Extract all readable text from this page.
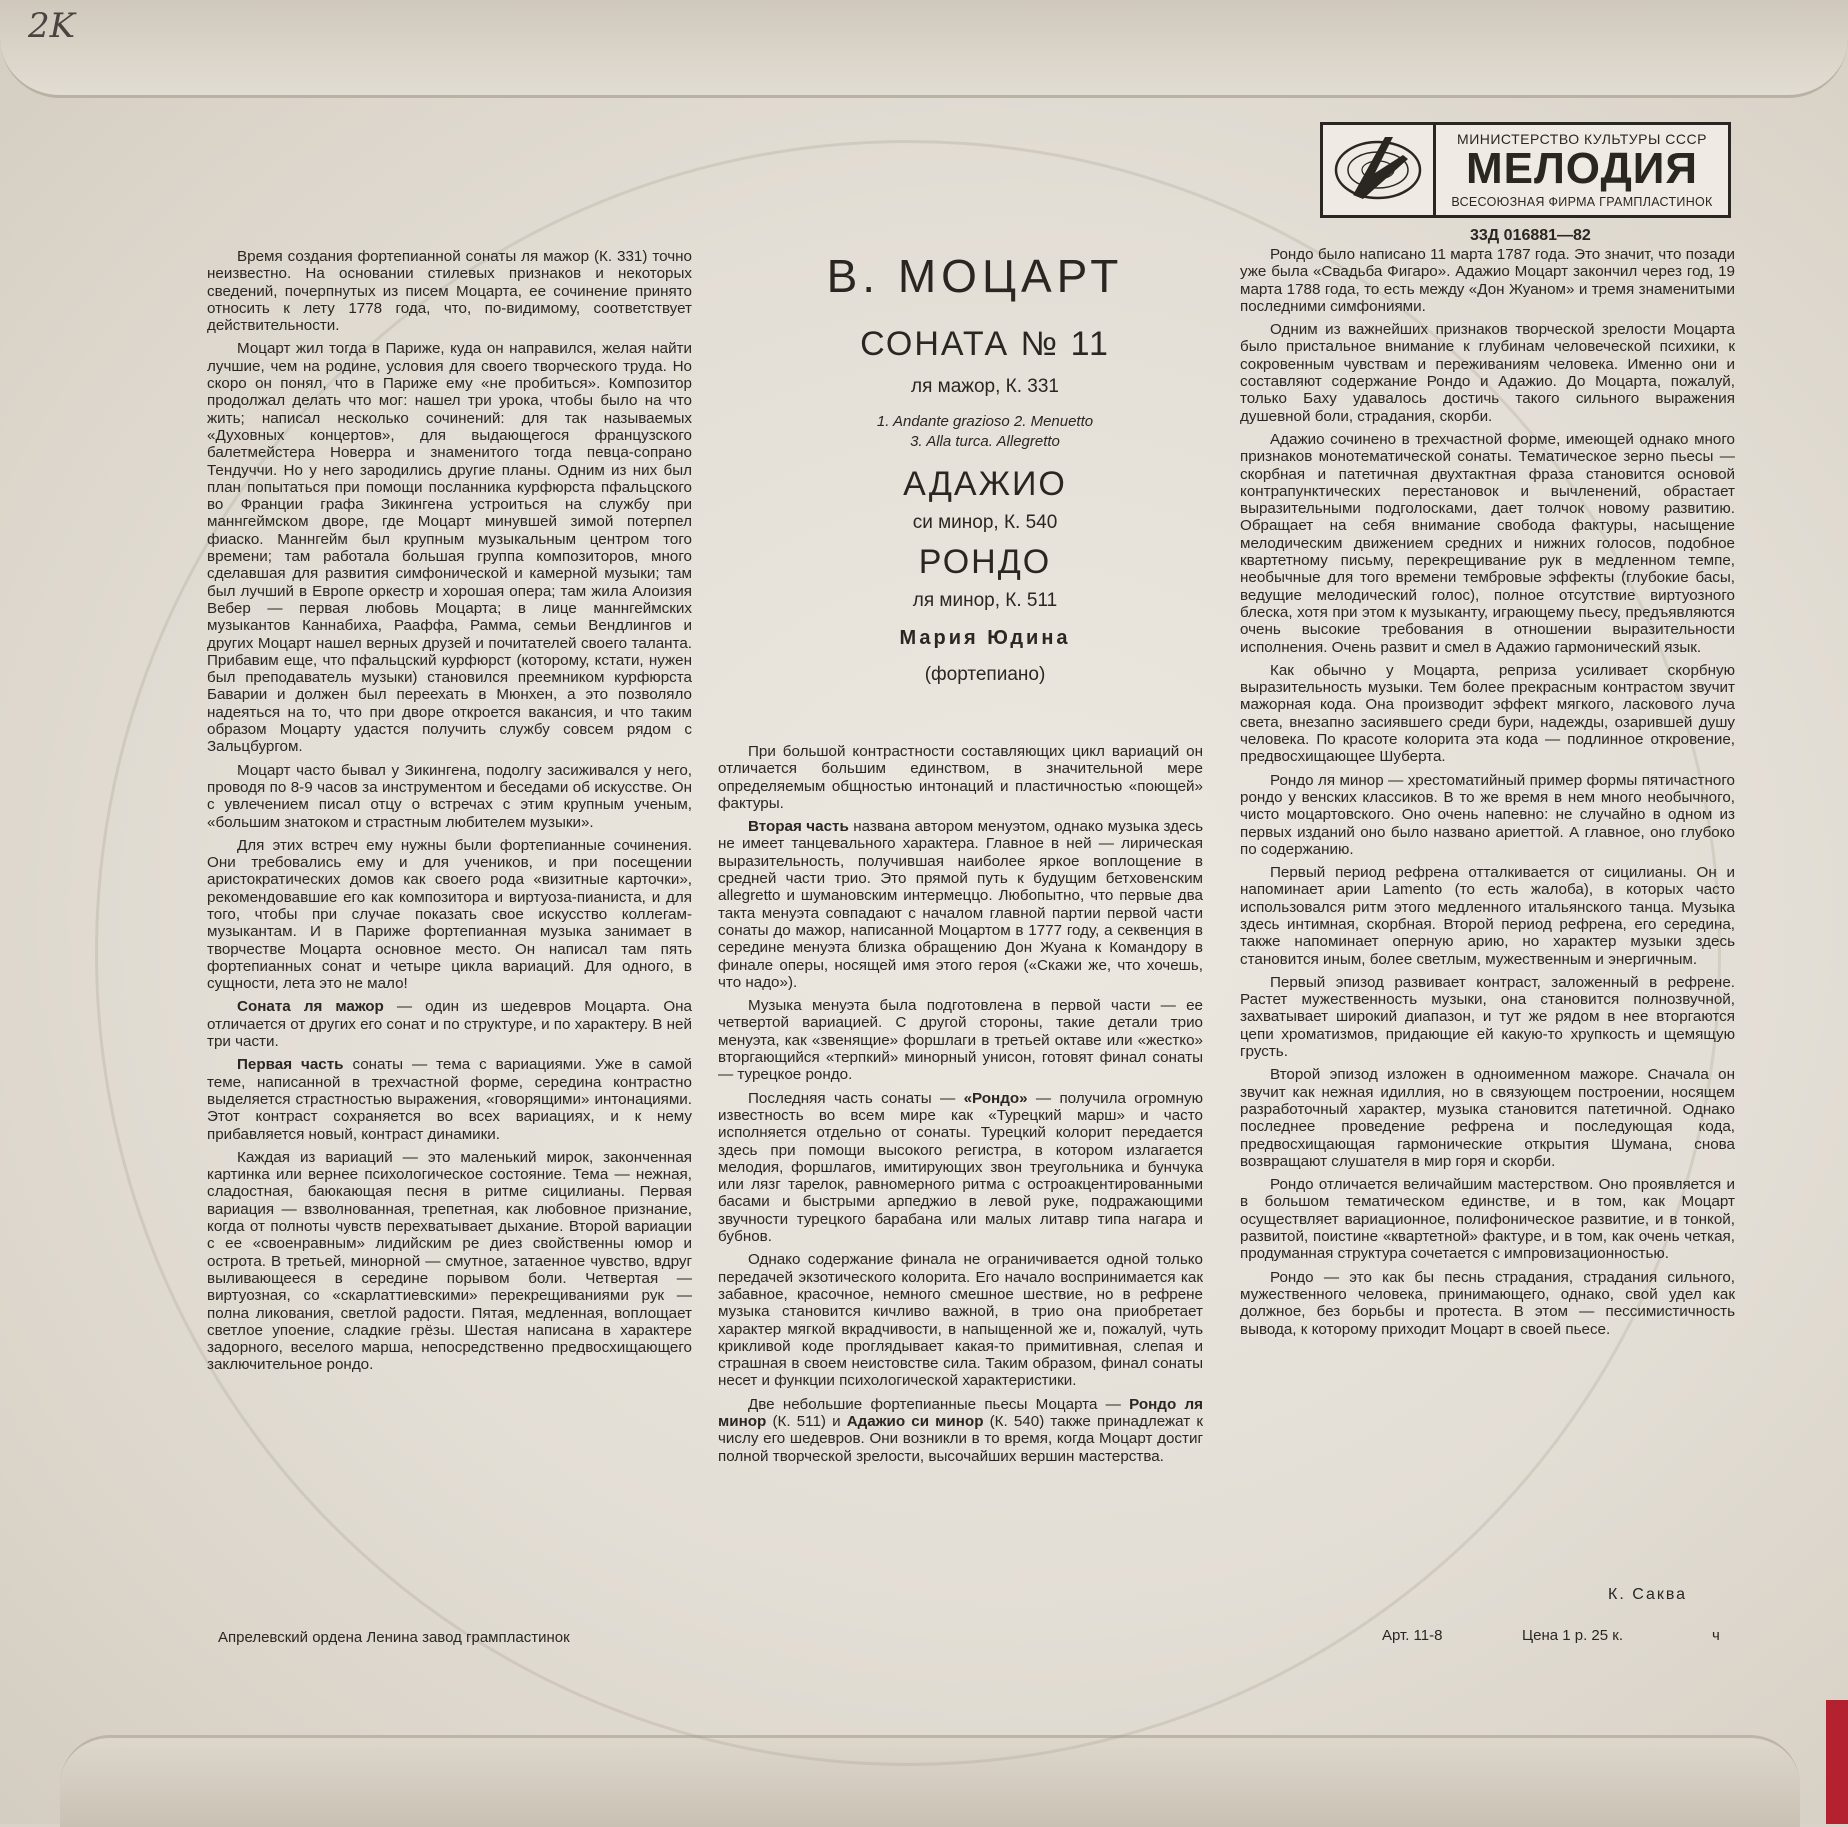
2K
МИНИСТЕРСТВО КУЛЬТУРЫ СССР
МЕЛОДИЯ
ВСЕСОЮЗНАЯ ФИРМА ГРАМПЛАСТИНОК
33Д 016881—82

Время создания фортепианной сонаты ля мажор (К. 331) точно неизвестно. На основании стилевых признаков и некоторых сведений, почерпнутых из писем Моцарта, ее сочинение принято относить к лету 1778 года, что, по-видимому, соответствует действительности.

Моцарт жил тогда в Париже, куда он направился, желая найти лучшие, чем на родине, условия для своего творческого труда. Но скоро он понял, что в Париже ему «не пробиться». Композитор продолжал делать что мог: нашел три урока, чтобы было на что жить; написал несколько сочинений: для так называемых «Духовных концертов», для выдающегося французского балетмейстера Новерра и знаменитого тогда певца-сопрано Тендуччи. Но у него зародились другие планы. Одним из них был план попытаться при помощи посланника курфюрста пфальцского во Франции графа Зикингена устроиться на службу при маннгеймском дворе, где Моцарт минувшей зимой потерпел фиаско. Маннгейм был крупным музыкальным центром того времени; там работала большая группа композиторов, много сделавшая для развития симфонической и камерной музыки; там был лучший в Европе оркестр и хорошая опера; там жила Алоизия Вебер — первая любовь Моцарта; в лице маннгеймских музыкантов Каннабиха, Рааффа, Рамма, семьи Вендлингов и других Моцарт нашел верных друзей и почитателей своего таланта. Прибавим еще, что пфальцский курфюрст (которому, кстати, нужен был преподаватель музыки) становился преемником курфюрста Баварии и должен был переехать в Мюнхен, а это позволяло надеяться на то, что при дворе откроется вакансия, и что таким образом Моцарту удастся получить службу совсем рядом с Зальцбургом.

Моцарт часто бывал у Зикингена, подолгу засиживался у него, проводя по 8-9 часов за инструментом и беседами об искусстве. Он с увлечением писал отцу о встречах с этим крупным ученым, «большим знатоком и страстным любителем музыки».

Для этих встреч ему нужны были фортепианные сочинения. Они требовались ему и для учеников, и при посещении аристократических домов как своего рода «визитные карточки», рекомендовавшие его как композитора и виртуоза-пианиста, и для того, чтобы при случае показать свое искусство коллегам-музыкантам. И в Париже фортепианная музыка занимает в творчестве Моцарта основное место. Он написал там пять фортепианных сонат и четыре цикла вариаций. Для одного, в сущности, лета это не мало!

Соната ля мажор — один из шедевров Моцарта. Она отличается от других его сонат и по структуре, и по характеру. В ней три части.

Первая часть сонаты — тема с вариациями. Уже в самой теме, написанной в трехчастной форме, середина контрастно выделяется страстностью выражения, «говорящими» интонациями. Этот контраст сохраняется во всех вариациях, и к нему прибавляется новый, контраст динамики.

Каждая из вариаций — это маленький мирок, законченная картинка или вернее психологическое состояние. Тема — нежная, сладостная, баюкающая песня в ритме сицилианы. Первая вариация — взволнованная, трепетная, как любовное признание, когда от полноты чувств перехватывает дыхание. Второй вариации с ее «своенравным» лидийским ре диез свойственны юмор и острота. В третьей, минорной — смутное, затаенное чувство, вдруг выливающееся в середине порывом боли. Четвертая — виртуозная, со «скарлаттиевскими» перекрещиваниями рук — полна ликования, светлой радости. Пятая, медленная, воплощает светлое упоение, сладкие грёзы. Шестая написана в характере задорного, веселого марша, непосредственно предвосхищающего заключительное рондо.

Апрелевский ордена Ленина завод грампластинок
В. МОЦАРТ
СОНАТА № 11
ля мажор, К. 331
1. Andante grazioso 2. Menuetto
3. Alla turca. Allegretto
АДАЖИО
си минор, К. 540
РОНДО
ля минор, К. 511
Мария Юдина
(фортепиано)

При большой контрастности составляющих цикл вариаций он отличается большим единством, в значительной мере определяемым общностью интонаций и пластичностью «поющей» фактуры.

Вторая часть названа автором менуэтом, однако музыка здесь не имеет танцевального характера. Главное в ней — лирическая выразительность, получившая наиболее яркое воплощение в средней части трио. Это прямой путь к будущим бетховенским allegretto и шумановским интермеццо. Любопытно, что первые два такта менуэта совпадают с началом главной партии первой части сонаты до мажор, написанной Моцартом в 1777 году, а секвенция в середине менуэта близка обращению Дон Жуана к Командору в финале оперы, носящей имя этого героя («Скажи же, что хочешь, что надо»).

Музыка менуэта была подготовлена в первой части — ее четвертой вариацией. С другой стороны, такие детали трио менуэта, как «звенящие» форшлаги в третьей октаве или «жестко» вторгающийся «терпкий» минорный унисон, готовят финал сонаты — турецкое рондо.

Последняя часть сонаты — «Рондо» — получила огромную известность во всем мире как «Турецкий марш» и часто исполняется отдельно от сонаты. Турецкий колорит передается здесь при помощи высокого регистра, в котором излагается мелодия, форшлагов, имитирующих звон треугольника и бунчука или лязг тарелок, равномерного ритма с остроакцентированными басами и быстрыми арпеджио в левой руке, подражающими звучности турецкого барабана или малых литавр типа нагара и бубнов.

Однако содержание финала не ограничивается одной только передачей экзотического колорита. Его начало воспринимается как забавное, красочное, немного смешное шествие, но в рефрене музыка становится кичливо важной, в трио она приобретает характер мягкой вкрадчивости, в напыщенной же и, пожалуй, чуть крикливой коде проглядывает какая-то примитивная, слепая и страшная в своем неистовстве сила. Таким образом, финал сонаты несет и функции психологической характеристики.

Две небольшие фортепианные пьесы Моцарта — Рондо ля минор (К. 511) и Адажио си минор (К. 540) также принадлежат к числу его шедевров. Они возникли в то время, когда Моцарт достиг полной творческой зрелости, высочайших вершин мастерства.

Рондо было написано 11 марта 1787 года. Это значит, что позади уже была «Свадьба Фигаро». Адажио Моцарт закончил через год, 19 марта 1788 года, то есть между «Дон Жуаном» и тремя знаменитыми последними симфониями.

Одним из важнейших признаков творческой зрелости Моцарта было пристальное внимание к глубинам человеческой психики, к сокровенным чувствам и переживаниям человека. Именно они и составляют содержание Рондо и Адажио. До Моцарта, пожалуй, только Баху удавалось достичь такого сильного выражения душевной боли, страдания, скорби.

Адажио сочинено в трехчастной форме, имеющей однако много признаков монотематической сонаты. Тематическое зерно пьесы — скорбная и патетичная двухтактная фраза становится основой контрапунктических перестановок и вычленений, обрастает выразительными подголосками, дает толчок новому развитию. Обращает на себя внимание свобода фактуры, насыщение мелодическим движением средних и нижних голосов, подобное квартетному письму, перекрещивание рук в медленном темпе, необычные для того времени тембровые эффекты (глубокие басы, ведущие мелодический голос), полное отсутствие виртуозного блеска, хотя при этом к музыканту, играющему пьесу, предъявляются очень высокие требования в отношении выразительности исполнения. Очень развит и смел в Адажио гармонический язык.

Как обычно у Моцарта, реприза усиливает скорбную выразительность музыки. Тем более прекрасным контрастом звучит мажорная кода. Она производит эффект мягкого, ласкового луча света, внезапно засиявшего среди бури, надежды, озарившей душу человека. По красоте колорита эта кода — подлинное откровение, предвосхищающее Шуберта.

Рондо ля минор — хрестоматийный пример формы пятичастного рондо у венских классиков. В то же время в нем много необычного, чисто моцартовского. Оно очень напевно: не случайно в одном из первых изданий оно было названо ариеттой. А главное, оно глубоко по содержанию.

Первый период рефрена отталкивается от сицилианы. Он и напоминает арии Lamento (то есть жалоба), в которых часто использовался ритм этого медленного итальянского танца. Музыка здесь интимная, скорбная. Второй период рефрена, его середина, также напоминает оперную арию, но характер музыки здесь становится иным, более светлым, мужественным и энергичным.

Первый эпизод развивает контраст, заложенный в рефрене. Растет мужественность музыки, она становится полнозвучной, захватывает широкий диапазон, и тут же рядом в нее вторгаются цепи хроматизмов, придающие ей какую-то хрупкость и щемящую грусть.

Второй эпизод изложен в одноименном мажоре. Сначала он звучит как нежная идиллия, но в связующем построении, носящем разработочный характер, музыка становится патетичной. Однако последнее проведение рефрена и последующая кода, предвосхищающая гармонические открытия Шумана, снова возвращают слушателя в мир горя и скорби.

Рондо отличается величайшим мастерством. Оно проявляется и в большом тематическом единстве, и в том, как Моцарт осуществляет вариационное, полифоническое развитие, и в тонкой, развитой, поистине «квартетной» фактуре, и в том, как очень четкая, продуманная структура сочетается с импровизационностью.

Рондо — это как бы песнь страдания, страдания сильного, мужественного человека, принимающего, однако, свой удел как должное, без борьбы и протеста. В этом — пессимистичность вывода, к которому приходит Моцарт в своей пьесе.

К. Саква
Арт. 11-8	Цена 1 р. 25 к.	ч
